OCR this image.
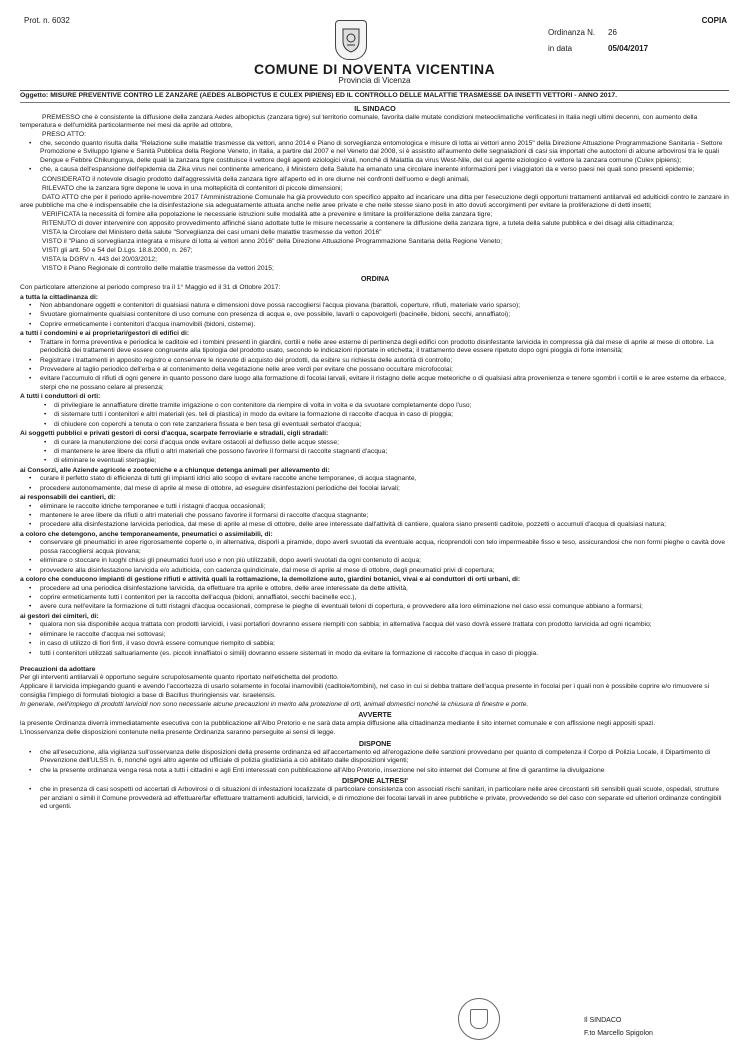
Prot. n. 6032	COPIA
Ordinanza N. 26
in data	05/04/2017
COMUNE DI NOVENTA VICENTINA
Provincia di Vicenza
Oggetto: MISURE PREVENTIVE CONTRO LE ZANZARE (AEDES ALBOPICTUS E CULEX PIPIENS) ED IL CONTROLLO DELLE MALATTIE TRASMESSE DA INSETTI VETTORI - ANNO 2017.
IL SINDACO
PREMESSO che è consistente la diffusione della zanzara Aedes albopictus (zanzara tigre) sul territorio comunale, favorita dalle mutate condizioni meteoclimatiche verificatesi in Italia negli ultimi decenni, con aumento della temperatura e dell'umidità particolarmente nei mesi da aprile ad ottobre,
PRESO ATTO:
• che, secondo quanto risulta dalla "Relazione sulle malattie trasmesse da vettori, anno 2014 e Piano di sorveglianza entomologica e misure di lotta ai vettori anno 2015" della Direzione Attuazione Programmazione Sanitaria - Settore Promozione e Sviluppo Igiene e Sanità Pubblica della Regione Veneto, in Italia, a partire dal 2007 e nel Veneto dal 2008, si è assistito all'aumento delle segnalazioni di casi sia importati che autoctoni di alcune arbovirosi tra le quali Dengue e Febbre Chikungunya, delle quali la zanzara tigre costituisce il vettore degli agenti eziologici virali, nonché di Malattia da virus West-Nile, del cui agente eziologico è vettore la zanzara comune (Culex pipiens);
• che, a causa dell'espansione dell'epidemia da Zika virus nei continente americano, il Ministero della Salute ha emanato una circolare inerente informazioni per i viaggiatori da e verso paesi nei quali sono presenti epidemie;
CONSIDERATO il notevole disagio prodotto dall'aggressività della zanzara tigre all'aperto ed in ore diurne nei confronti dell'uomo e degli animali,
RILEVATO che la zanzara tigre depone le uova in una molteplicità di contenitori di piccole dimensioni;
DATO ATTO che per il periodo aprile-novembre 2017 l'Amministrazione Comunale ha già provveduto con specifico appalto ad incaricare una ditta per l'esecuzione degli opportuni trattamenti antilarvali ed adulticidi contro le zanzare in aree pubbliche ma che è indispensabile che la disinfestazione sia adeguatamente attuata anche nelle aree private e che nelle stesse siano posti in atto dovuti accorgimenti per evitare la proliferazione di detti insetti;
VERIFICATA la necessità di fornire alla popolazione le necessarie istruzioni sulle modalità atte a prevenire e limitare la proliferazione della zanzara tigre;
RITENUTO di dover intervenire con apposito provvedimento affinché siano adottate tutte le misure necessarie a contenere la diffusione della zanzara tigre, a tutela della salute pubblica e dei disagi alla cittadinanza;
VISTA la Circolare del Ministero della salute "Sorveglianza dei casi umani delle malattie trasmesse da vettori 2016"
VISTO il "Piano di sorveglianza integrata e misure di lotta ai vettori anno 2016" della Direzione Attuazione Programmazione Sanitaria della Regione Veneto;
VISTI gli artt. 50 e 54 del D.Lgs. 18.8.2000, n. 267;
VISTA la DGRV n. 443 del 20/03/2012;
VISTO il Piano Regionale di controllo delle malattie trasmesse da vettori 2015;
ORDINA
Con particolare attenzione al periodo compreso tra il 1° Maggio ed il 31 di Ottobre 2017:
a tutta la cittadinanza di:
• Non abbandonare oggetti e contenitori di qualsiasi natura e dimensioni dove possa raccogliersi l'acqua piovana (barattoli, coperture, rifiuti, materiale vario sparso);
• Svuotare giornalmente qualsiasi contenitore di uso comune con presenza di acqua e, ove possibile, lavarli o capovolgerli (bacinelle, bidoni, secchi, annaffiatoi);
• Coprire ermeticamente i contenitori d'acqua inamovibili (bidoni, cisterne).
a tutti i condomini e ai proprietari/gestori di edifici di:
• Trattare in forma preventiva e periodica le caditoie ed i tombini presenti in giardini, cortili e nelle aree esterne di pertinenza degli edifici con prodotto disinfestante larvicida in compressa già dal mese di aprile al mese di ottobre. La periodicità dei trattamenti deve essere congruente alla tipologia del prodotto usato, secondo le indicazioni riportate in etichetta; il trattamento deve essere ripetuto dopo ogni pioggia di forte intensità;
• Registrare i trattamenti in apposito registro e conservare le ricevute di acquisto dei prodotti, da esibire su richiesta delle autorità di controllo;
• Provvedere al taglio periodico dell'erba e al contenimento della vegetazione nelle aree verdi per evitare che possano occultare microfocolai;
• evitare l'accumulo di rifiuti di ogni genere in quanto possono dare luogo alla formazione di focolai larvali, evitare il ristagno delle acque meteoriche o di qualsiasi altra provenienza e tenere sgombri i cortili e le aree esterne da erbacce, sterpi che ne possano celare al presenza;
A tutti i conduttori di orti:
• di privilegiare le annaffiature dirette tramite irrigazione o con contenitore da riempire di volta in volta e da svuotare completamente dopo l'uso;
• di sistemare tutti i contenitori e altri materiali (es. teli di plastica) in modo da evitare la formazione di raccolte d'acqua in caso di pioggia;
• di chiudere con coperchi a tenuta o con rete zanzariera fissata e ben tesa gli eventuali serbatoi d'acqua;
Ai soggetti pubblici e privati gestori di corsi d'acqua, scarpate ferroviarie e stradali, cigli stradali:
• di curare la manutenzione dei corsi d'acqua onde evitare ostacoli al deflusso delle acque stesse;
• di mantenere le aree libere da rifiuti o altri materiali che possono favorire il formarsi di raccolte stagnanti d'acqua;
• di eliminare le eventuali sterpaglie;
ai Consorzi, alle Aziende agricole e zootecniche e a chiunque detenga animali per allevamento di:
• curare il perfetto stato di efficienza di tutti gli impianti idrici allo scopo di evitare raccolte anche temporanee, di acqua stagnante,
• procedere autonomamente, dal mese di aprile al mese di ottobre, ad eseguire disinfestazioni periodiche dei focolai larvali;
ai responsabili dei cantieri, di:
• eliminare le raccolte idriche temporanee e tutti i ristagni d'acqua occasionali;
• mantenere le aree libere da rifiuti o altri materiali che possano favorire il formarsi di raccolte d'acqua stagnante;
• procedere alla disinfestazione larvicida periodica, dal mese di aprile al mese di ottobre, delle aree interessate dall'attività di cantiere, qualora siano presenti caditoie, pozzetti o accumuli d'acqua di qualsiasi natura;
a coloro che detengono, anche temporaneamente, pneumatici o assimilabili, di:
• conservare gli pneumatici in aree rigorosamente coperte o, in alternativa, disporli a piramide, dopo averli svuotati da eventuale acqua, ricoprendoli con telo impermeabile fisso e teso, assicurandosi che non formi pieghe o cavità dove possa raccogliersi acqua piovana;
• eliminare o stoccare in luoghi chiusi gli pneumatici fuori uso e non più utilizzabili, dopo averli svuotati da ogni contenuto di acqua;
• provvedere alla disinfestazione larvicida e/o adulticida, con cadenza quindicinale, dal mese di aprile al mese di ottobre, degli pneumatici privi di copertura;
a coloro che conducono impianti di gestione rifiuti e attività quali la rottamazione, la demolizione auto, giardini botanici, vivai e ai conduttori di orti urbani, di:
• procedere ad una periodica disinfestazione larvicida, da effettuare tra aprile e ottobre, delle aree interessate da dette attività,
• coprire ermeticamente tutti i contenitori per la raccolta dell'acqua (bidoni, annaffiatoi, secchi bacinelle ecc.),
• avere cura nell'evitare la formazione di tutti ristagni d'acqua occasionali, comprese le pieghe di eventuali teloni di copertura, e provvedere alla loro eliminazione nel caso essi comunque abbiano a formarsi;
ai gestori dei cimiteri, di:
• qualora non sia disponibile acqua trattata con prodotti larvicidi, i vasi portafiori dovranno essere riempiti con sabbia; in alternativa l'acqua del vaso dovrà essere trattata con prodotto larvicida ad ogni ricambio;
• eliminare le raccolte d'acqua nei sottovasi;
• in caso di utilizzo di fiori finti, il vaso dovrà essere comunque riempito di sabbia;
• tutti i contenitori utilizzati saltuariamente (es. piccoli innaffiatoi o simili) dovranno essere sistemati in modo da evitare la formazione di raccolte d'acqua in caso di pioggia.
Precauzioni da adottare
Per gli interventi antilarvali è opportuno seguire scrupolosamente quanto riportato nell'etichetta del prodotto.
Applicare il larvicida impiegando guanti e avendo l'accortezza di usarlo solamente in focolai inamovibili (caditoie/tombini), nel caso in cui si debba trattare dell'acqua presente in focolai per i quali non è possibile coprire e/o rimuovere si consiglia l'impiego di formulati biologici a base di Bacillus thuringiensis var. israelensis.
In generale, nell'impiego di prodotti larvicidi non sono necessarie alcune precauzioni in merito alla protezione di orti, animali domestici nonché la chiusura di finestre e porte.
AVVERTE
la presente Ordinanza diverrà immediatamente esecutiva con la pubblicazione all'Albo Pretorio e ne sarà data ampia diffusione alla cittadinanza mediante il sito internet comunale e con affissione negli appositi spazi.
L'inosservanza delle disposizioni contenute nella presente Ordinanza saranno perseguite ai sensi di legge.
DISPONE
• che all'esecuzione, alla vigilanza sull'osservanza delle disposizioni della presente ordinanza ed all'accertamento ed all'erogazione delle sanzioni provvedano per quanto di competenza il Corpo di Polizia Locale, il Dipartimento di Prevenzione dell'ULSS n. 6, nonché ogni altro agente od ufficiale di polizia giudiziaria a ciò abilitato dalle disposizioni vigenti;
• che la presente ordinanza venga resa nota a tutti i cittadini e agli Enti interessati con pubblicazione all'Albo Pretorio, inserzione nel sito internet del Comune al fine di garantirne la divulgazione
DISPONE ALTRESI'
• che in presenza di casi sospetti od accertati di Arbovirosi o di situazioni di infestazioni localizzate di particolare consistenza con associati rischi sanitari, in particolare nelle aree circostanti siti sensibili quali scuole, ospedali, strutture per anziani o simili il Comune provvederà ad effettuare/far effettuare trattamenti adulticidi, larvicidi, e di rimozione dei focolai larvali in aree pubbliche e private, provvedendo se del caso con separate ed ulteriori ordinanze contingibili ed urgenti.
Il SINDACO
F.to Marcello Spigolon
